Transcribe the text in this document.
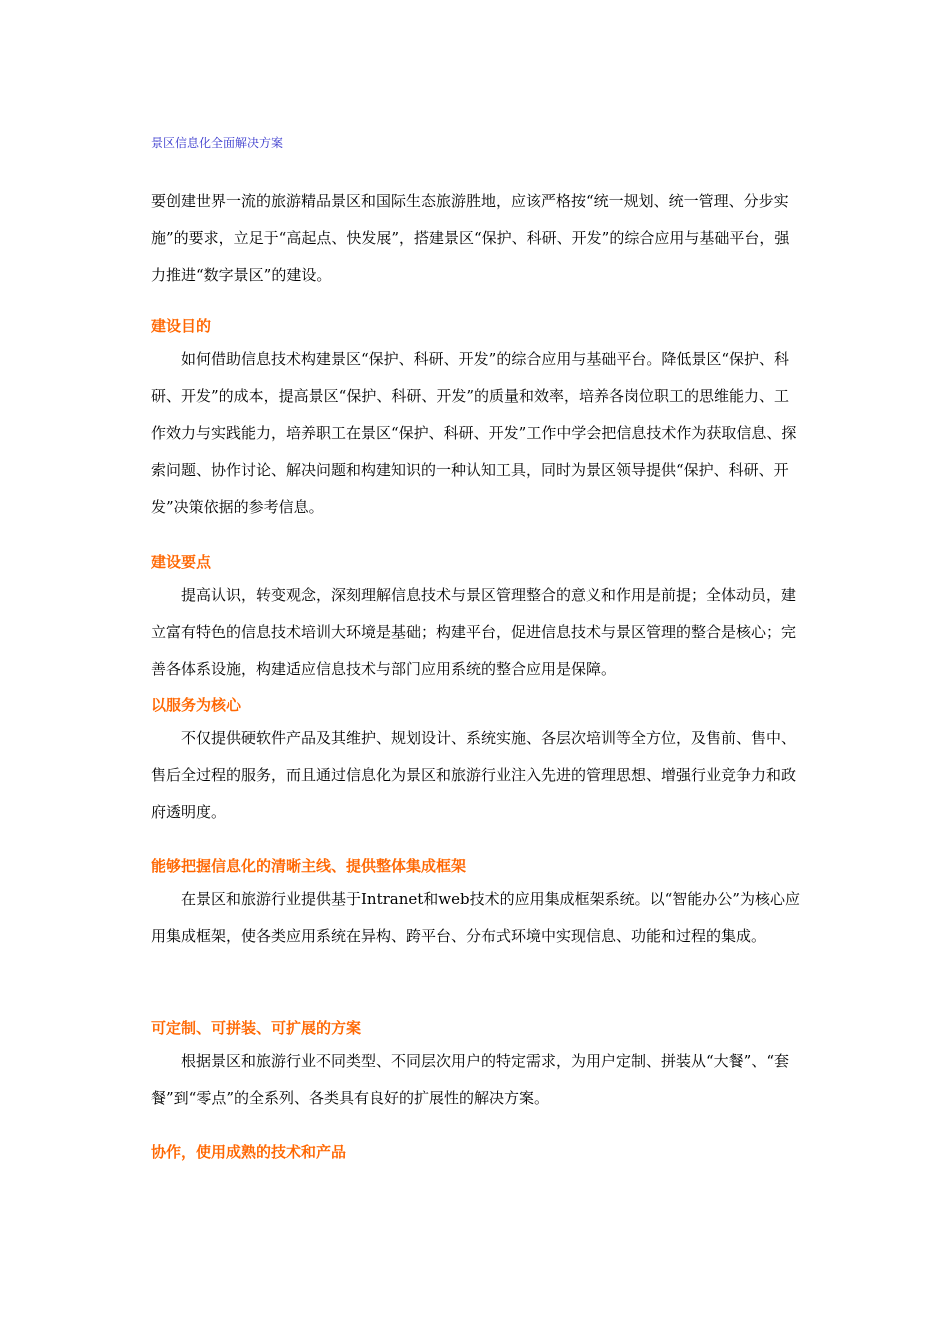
景区信息化全面解决方案

要创建世界一流的旅游精品景区和国际生态旅游胜地，应该严格按“统一规划、统一管理、分步实施”的要求，立足于“高起点、快发展”，搭建景区“保护、科研、开发”的综合应用与基础平台，强力推进“数字景区”的建设。

建设目的

如何借助信息技术构建景区“保护、科研、开发”的综合应用与基础平台。降低景区“保护、科研、开发”的成本，提高景区“保护、科研、开发”的质量和效率，培养各岗位职工的思维能力、工作效力与实践能力，培养职工在景区“保护、科研、开发”工作中学会把信息技术作为获取信息、探索问题、协作讨论、解决问题和构建知识的一种认知工具，同时为景区领导提供“保护、科研、开发”决策依据的参考信息。

建设要点

提高认识，转变观念，深刻理解信息技术与景区管理整合的意义和作用是前提；全体动员，建立富有特色的信息技术培训大环境是基础；构建平台，促进信息技术与景区管理的整合是核心；完善各体系设施，构建适应信息技术与部门应用系统的整合应用是保障。

以服务为核心

不仅提供硬软件产品及其维护、规划设计、系统实施、各层次培训等全方位，及售前、售中、售后全过程的服务，而且通过信息化为景区和旅游行业注入先进的管理思想、增强行业竞争力和政府透明度。

能够把握信息化的清晰主线、提供整体集成框架

在景区和旅游行业提供基于Intranet和web技术的应用集成框架系统。以“智能办公”为核心应用集成框架，使各类应用系统在异构、跨平台、分布式环境中实现信息、功能和过程的集成。

可定制、可拼装、可扩展的方案

根据景区和旅游行业不同类型、不同层次用户的特定需求，为用户定制、拼装从“大餐”、“套餐”到“零点”的全系列、各类具有良好的扩展性的解决方案。

协作，使用成熟的技术和产品
